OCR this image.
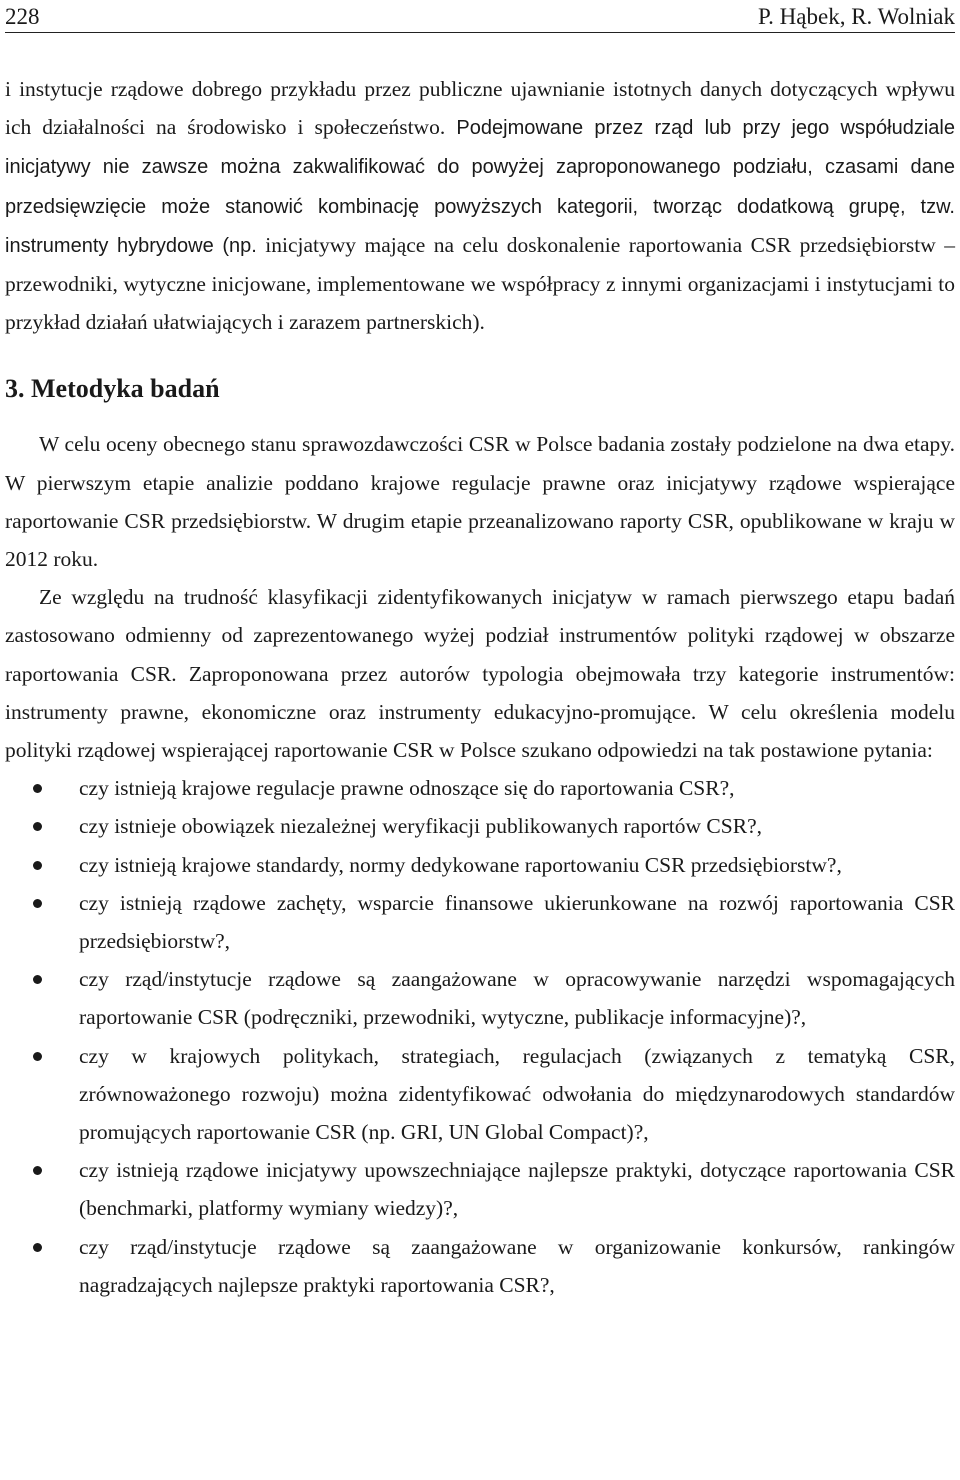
228	P. Hąbek, R. Wolniak

i instytucje rządowe dobrego przykładu przez publiczne ujawnianie istotnych danych dotyczących wpływu ich działalności na środowisko i społeczeństwo. Podejmowane przez rząd lub przy jego współudziale inicjatywy nie zawsze można zakwalifikować do powyżej zaproponowanego podziału, czasami dane przedsięwzięcie może stanowić kombinację powyższych kategorii, tworząc dodatkową grupę, tzw. instrumenty hybrydowe (np. inicjatywy mające na celu doskonalenie raportowania CSR przedsiębiorstw – przewodniki, wytyczne inicjowane, implementowane we współpracy z innymi organizacjami i instytucjami to przykład działań ułatwiających i zarazem partnerskich).

3. Metodyka badań

W celu oceny obecnego stanu sprawozdawczości CSR w Polsce badania zostały podzielone na dwa etapy. W pierwszym etapie analizie poddano krajowe regulacje prawne oraz inicjatywy rządowe wspierające raportowanie CSR przedsiębiorstw. W drugim etapie przeanalizowano raporty CSR, opublikowane w kraju w 2012 roku.

Ze względu na trudność klasyfikacji zidentyfikowanych inicjatyw w ramach pierwszego etapu badań zastosowano odmienny od zaprezentowanego wyżej podział instrumentów polityki rządowej w obszarze raportowania CSR. Zaproponowana przez autorów typologia obejmowała trzy kategorie instrumentów: instrumenty prawne, ekonomiczne oraz instrumenty edukacyjno-promujące. W celu określenia modelu polityki rządowej wspierającej raportowanie CSR w Polsce szukano odpowiedzi na tak postawione pytania:

czy istnieją krajowe regulacje prawne odnoszące się do raportowania CSR?,
czy istnieje obowiązek niezależnej weryfikacji publikowanych raportów CSR?,
czy istnieją krajowe standardy, normy dedykowane raportowaniu CSR przedsiębiorstw?,
czy istnieją rządowe zachęty, wsparcie finansowe ukierunkowane na rozwój raportowania CSR przedsiębiorstw?,
czy rząd/instytucje rządowe są zaangażowane w opracowywanie narzędzi wspomagających raportowanie CSR (podręczniki, przewodniki, wytyczne, publikacje informacyjne)?,
czy w krajowych politykach, strategiach, regulacjach (związanych z tematyką CSR, zrównoważonego rozwoju) można zidentyfikować odwołania do międzynarodowych standardów promujących raportowanie CSR (np. GRI, UN Global Compact)?,
czy istnieją rządowe inicjatywy upowszechniające najlepsze praktyki, dotyczące raportowania CSR (benchmarki, platformy wymiany wiedzy)?,
czy rząd/instytucje rządowe są zaangażowane w organizowanie konkursów, rankingów nagradzających najlepsze praktyki raportowania CSR?,
